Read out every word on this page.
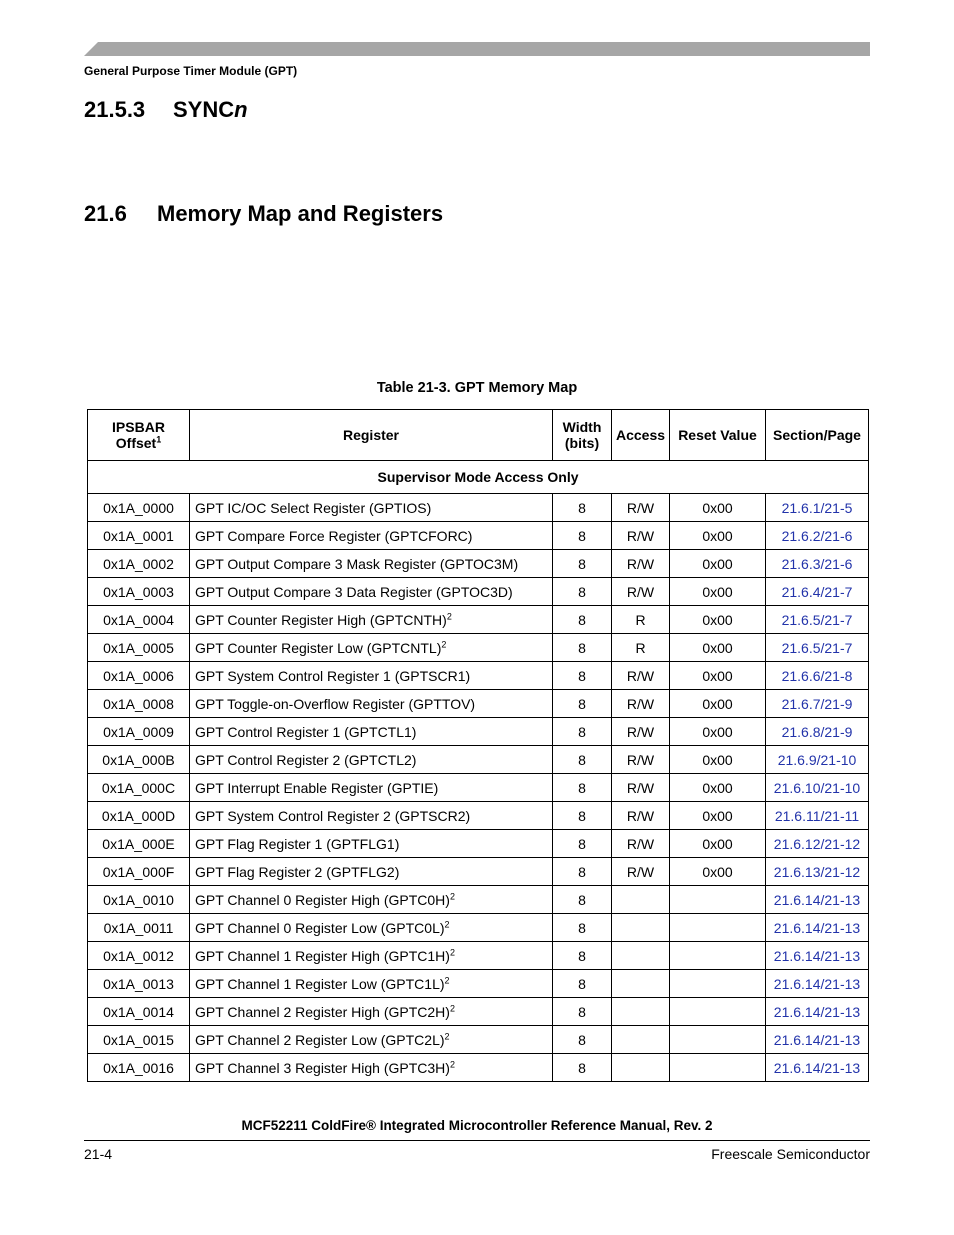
General Purpose Timer Module (GPT)
21.5.3 SYNCn
21.6 Memory Map and Registers
Table 21-3. GPT Memory Map
IPSBAR Offset$^1$	Register	Width (bits)	Access	Reset Value	Section/Page
Supervisor Mode Access Only					
0x1A_0000	GPT IC/OC Select Register (GPTIOS)	8	R/W	0x00	21.6.1/21-5
0x1A_0001	GPT Compare Force Register (GPTCFORC)	8	R/W	0x00	21.6.2/21-6
0x1A_0002	GPT Output Compare 3 Mask Register (GPTOC3M)	8	R/W	0x00	21.6.3/21-6
0x1A_0003	GPT Output Compare 3 Data Register (GPTOC3D)	8	R/W	0x00	21.6.4/21-7
0x1A_0004	GPT Counter Register High (GPTCNTH)$^2$	8	R	0x00	21.6.5/21-7
0x1A_0005	GPT Counter Register Low (GPTCNTL)$^2$	8	R	0x00	21.6.5/21-7
0x1A_0006	GPT System Control Register 1 (GPTSCR1)	8	R/W	0x00	21.6.6/21-8
0x1A_0008	GPT Toggle-on-Overflow Register (GPTTOV)	8	R/W	0x00	21.6.7/21-9
0x1A_0009	GPT Control Register 1 (GPTCTL1)	8	R/W	0x00	21.6.8/21-9
0x1A_000B	GPT Control Register 2 (GPTCTL2)	8	R/W	0x00	21.6.9/21-10
0x1A_000C	GPT Interrupt Enable Register (GPTIE)	8	R/W	0x00	21.6.10/21-10
0x1A_000D	GPT System Control Register 2 (GPTSCR2)	8	R/W	0x00	21.6.11/21-11
0x1A_000E	GPT Flag Register 1 (GPTFLG1)	8	R/W	0x00	21.6.12/21-12
0x1A_000F	GPT Flag Register 2 (GPTFLG2)	8	R/W	0x00	21.6.13/21-12
0x1A_0010	GPT Channel 0 Register High (GPTC0H)$^2$	8			21.6.14/21-13
0x1A_0011	GPT Channel 0 Register Low (GPTC0L)$^2$	8			21.6.14/21-13
0x1A_0012	GPT Channel 1 Register High (GPTC1H)$^2$	8			21.6.14/21-13
0x1A_0013	GPT Channel 1 Register Low (GPTC1L)$^2$	8			21.6.14/21-13
0x1A_0014	GPT Channel 2 Register High (GPTC2H)$^2$	8			21.6.14/21-13
0x1A_0015	GPT Channel 2 Register Low (GPTC2L)$^2$	8			21.6.14/21-13
0x1A_0016	GPT Channel 3 Register High (GPTC3H)$^2$	8			21.6.14/21-13
MCF52211 ColdFire® Integrated Microcontroller Reference Manual, Rev. 2
21-4	Freescale Semiconductor
